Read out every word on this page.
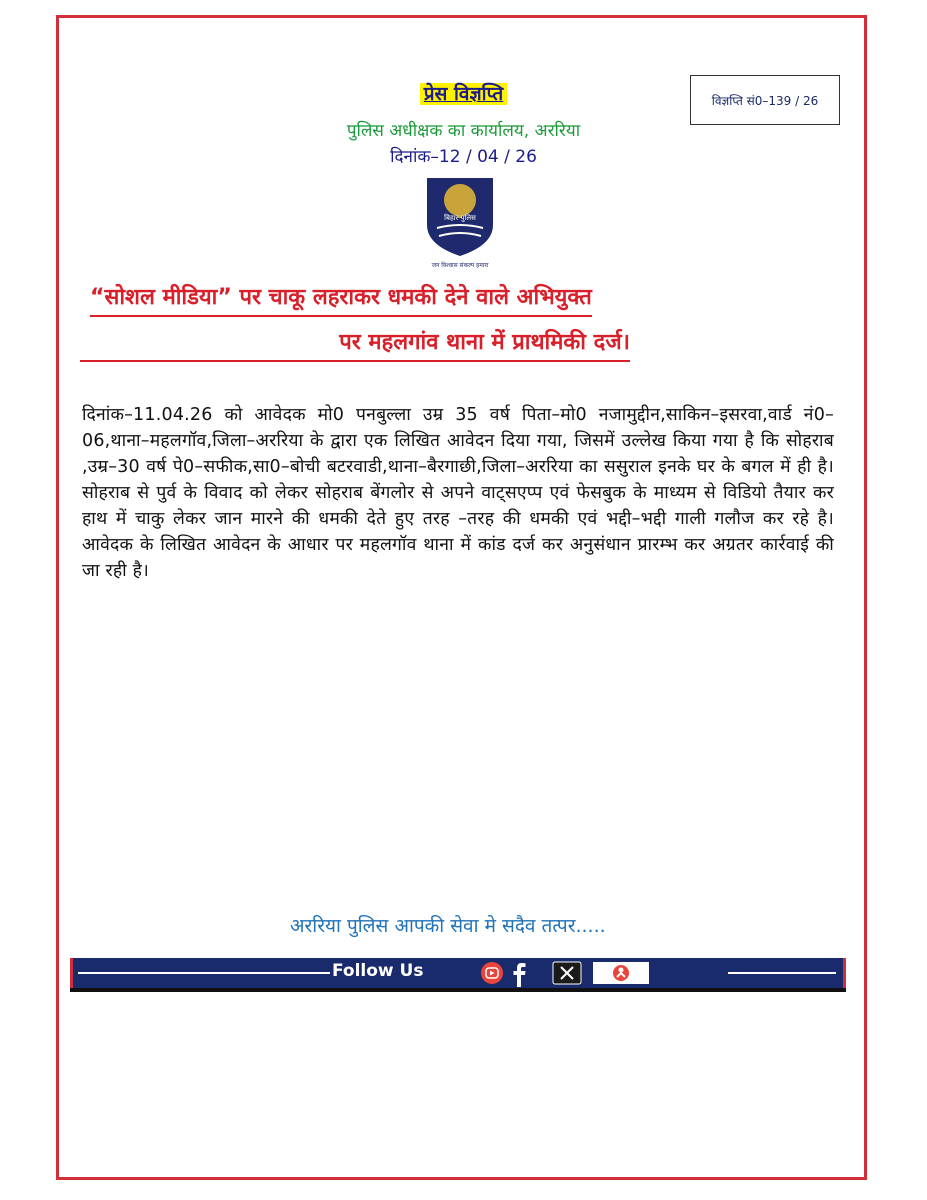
विज्ञप्ति सं0–139 / 26
प्रेस विज्ञप्ति
पुलिस अधीक्षक का कार्यालय, अररिया
दिनांक–12 / 04 / 26
बिहार पुलिस
जन विश्वास संकल्प हमारा
“सोशल मीडिया” पर चाकू लहराकर धमकी देने वाले अभियुक्त
पर महलगांव थाना में प्राथमिकी दर्ज।
दिनांक–11.04.26 को आवेदक मो0 पनबुल्ला उम्र 35 वर्ष पिता–मो0 नजामुद्दीन,साकिन–इसरवा,वार्ड नं0–06,थाना–महलगॉव,जिला–अररिया के द्वारा एक लिखित आवेदन दिया गया, जिसमें उल्लेख किया गया है कि सोहराब ,उम्र–30 वर्ष पे0–सफीक,सा0–बोची बटरवाडी,थाना–बैरगाछी,जिला–अररिया का ससुराल इनके घर के बगल में ही है। सोहराब से पुर्व के विवाद को लेकर सोहराब बेंगलोर से अपने वाट्सएप्प एवं फेसबुक के माध्यम से विडियो तैयार कर हाथ में चाकु लेकर जान मारने की धमकी देते हुए तरह –तरह की धमकी एवं भद्दी–भद्दी गाली गलौज कर रहे है। आवेदक के लिखित आवेदन के आधार पर महलगॉव थाना में कांड दर्ज कर अनुसंधान प्रारम्भ कर अग्रतर कार्रवाई की जा रही है।
अररिया पुलिस आपकी सेवा मे सदैव तत्पर.....
Follow Us
